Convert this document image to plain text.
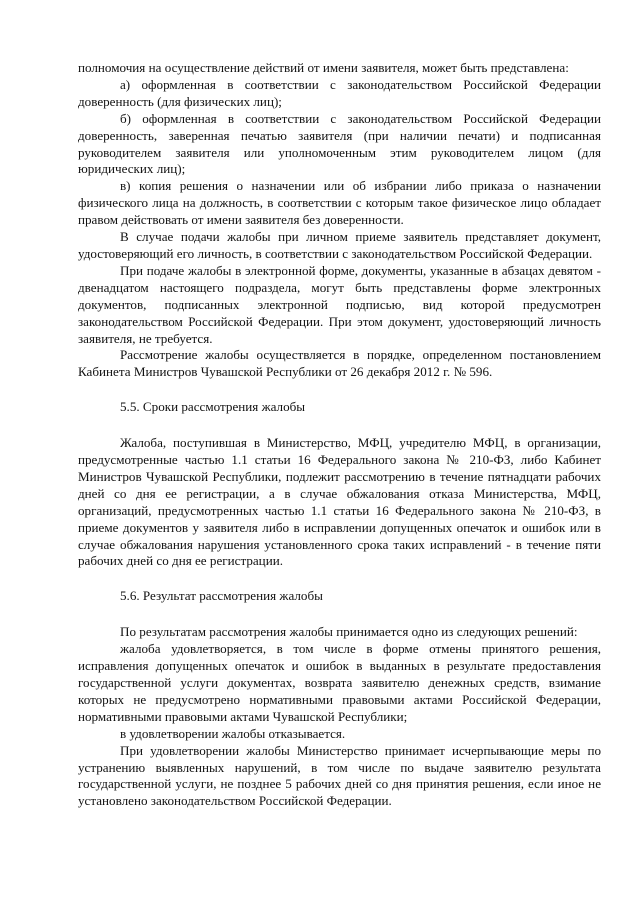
полномочия на осуществление действий от имени заявителя, может быть представлена:

а) оформленная в соответствии с законодательством Российской Федерации доверенность (для физических лиц);

б) оформленная в соответствии с законодательством Российской Федерации доверенность, заверенная печатью заявителя (при наличии печати) и подписанная руководителем заявителя или уполномоченным этим руководителем лицом (для юридических лиц);

в) копия решения о назначении или об избрании либо приказа о назначении физического лица на должность, в соответствии с которым такое физическое лицо обладает правом действовать от имени заявителя без доверенности.

В случае подачи жалобы при личном приеме заявитель представляет документ, удостоверяющий его личность, в соответствии с законодательством Российской Федерации.

При подаче жалобы в электронной форме, документы, указанные в абзацах девятом - двенадцатом настоящего подраздела, могут быть представлены форме электронных документов, подписанных электронной подписью, вид которой предусмотрен законодательством Российской Федерации. При этом документ, удостоверяющий личность заявителя, не требуется.

Рассмотрение жалобы осуществляется в порядке, определенном постановлением Кабинета Министров Чувашской Республики от 26 декабря 2012 г. № 596.

5.5. Сроки рассмотрения жалобы

Жалоба, поступившая в Министерство, МФЦ, учредителю МФЦ, в организации, предусмотренные частью 1.1 статьи 16 Федерального закона № 210-ФЗ, либо Кабинет Министров Чувашской Республики, подлежит рассмотрению в течение пятнадцати рабочих дней со дня ее регистрации, а в случае обжалования отказа Министерства, МФЦ, организаций, предусмотренных частью 1.1 статьи 16 Федерального закона № 210-ФЗ, в приеме документов у заявителя либо в исправлении допущенных опечаток и ошибок или в случае обжалования нарушения установленного срока таких исправлений - в течение пяти рабочих дней со дня ее регистрации.

5.6. Результат рассмотрения жалобы

По результатам рассмотрения жалобы принимается одно из следующих решений:

жалоба удовлетворяется, в том числе в форме отмены принятого решения, исправления допущенных опечаток и ошибок в выданных в результате предоставления государственной услуги документах, возврата заявителю денежных средств, взимание которых не предусмотрено нормативными правовыми актами Российской Федерации, нормативными правовыми актами Чувашской Республики;

в удовлетворении жалобы отказывается.

При удовлетворении жалобы Министерство принимает исчерпывающие меры по устранению выявленных нарушений, в том числе по выдаче заявителю результата государственной услуги, не позднее 5 рабочих дней со дня принятия решения, если иное не установлено законодательством Российской Федерации.
